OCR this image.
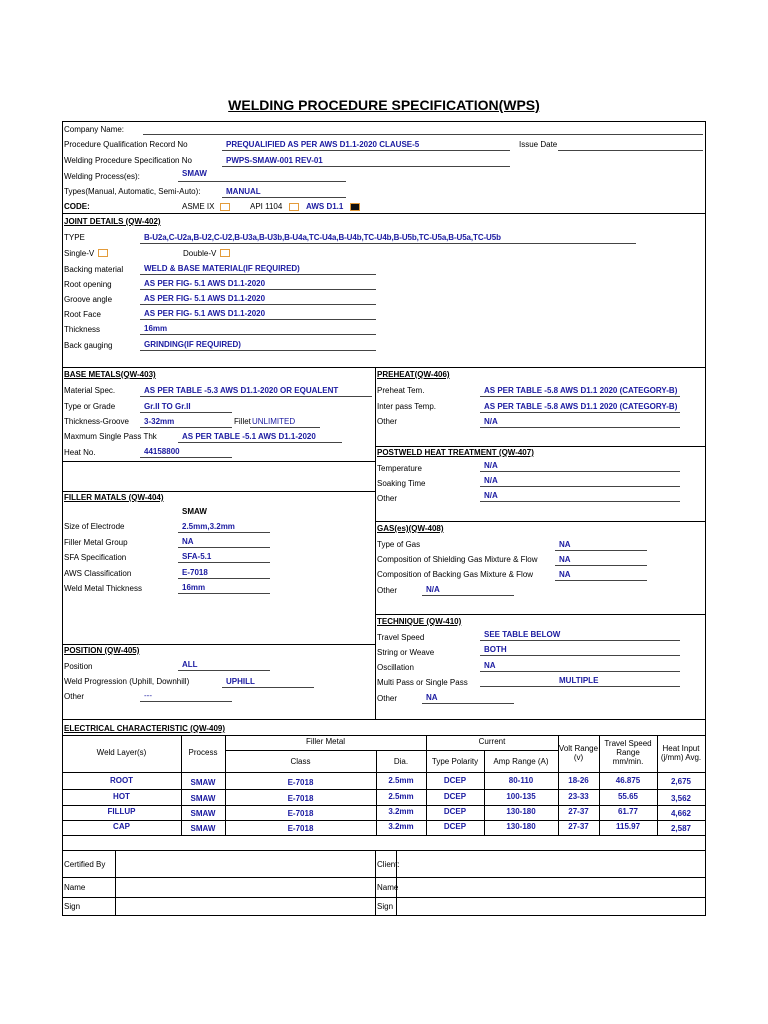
WELDING PROCEDURE SPECIFICATION(WPS)
Company Name:
Procedure Qualification Record No	PREQUALIFIED AS PER AWS D1.1-2020 CLAUSE-5	Issue Date
Welding Procedure Specification No	PWPS-SMAW-001 REV-01
Welding Process(es):	SMAW
Types(Manual, Automatic, Semi-Auto):	MANUAL
CODE:	ASME IX	API 1104	AWS D1.1
JOINT DETAILS (QW-402)
TYPE	B-U2a,C-U2a,B-U2,C-U2,B-U3a,B-U3b,B-U4a,TC-U4a,B-U4b,TC-U4b,B-U5b,TC-U5a,B-U5a,TC-U5b
Single-V	Double-V
Backing material	WELD & BASE MATERIAL(IF REQUIRED)
Root opening	AS PER FIG- 5.1 AWS D1.1-2020
Groove angle	AS PER FIG- 5.1 AWS D1.1-2020
Root Face	AS PER FIG- 5.1 AWS D1.1-2020
Thickness	16mm
Back gauging	GRINDING(IF REQUIRED)
BASE METALS(QW-403)
Material Spec.	AS PER TABLE -5.3 AWS D1.1-2020 OR EQUALENT
Type or Grade	Gr.II TO Gr.II
Thickness-Groove 3-32mm	Fillet UNLIMITED
Maxmum Single Pass Thk	AS PER TABLE -5.1 AWS D1.1-2020
Heat No.	44158800
PREHEAT(QW-406)
Preheat Tem.	AS PER TABLE -5.8 AWS D1.1 2020 (CATEGORY-B)
Inter pass Temp.	AS PER TABLE -5.8 AWS D1.1 2020 (CATEGORY-B)
Other	N/A
POSTWELD HEAT TREATMENT (QW-407)
Temperature	N/A
Soaking Time	N/A
Other	N/A
FILLER MATALS (QW-404)
SMAW
Size of Electrode	2.5mm,3.2mm
Filler Metal Group	NA
SFA Specification	SFA-5.1
AWS Classification	E-7018
Weld Metal Thickness	16mm
GAS(es)(QW-408)
Type of Gas	NA
Composition of Shielding Gas Mixture & Flow	NA
Composition of Backing Gas Mixture & Flow	NA
Other	N/A
TECHNIQUE (QW-410)
Travel Speed	SEE TABLE BELOW
String or Weave	BOTH
Oscillation	NA
Multi Pass or Single Pass	MULTIPLE
Other	NA
POSITION (QW-405)
Position	ALL
Weld Progression (Uphill, Downhill)	UPHILL
Other	---
ELECTRICAL CHARACTERISTIC (QW-409)
Weld Layer(s)	Process
Filler Metal
Class	Dia.
Current
Type Polarity	Amp Range (A)
Volt Range
(v)
Travel Speed
Range
mm/min.
Heat Input
(j/mm) Avg.
ROOT	SMAW	E-7018	2.5mm	DCEP	80-110	18-26	46.875	2,675
HOT	SMAW	E-7018	2.5mm	DCEP	100-135	23-33	55.65	3,562
FILLUP	SMAW	E-7018	3.2mm	DCEP	130-180	27-37	61.77	4,662
CAP	SMAW	E-7018	3.2mm	DCEP	130-180	27-37	115.97	2,587
Certified By	Client:
Name	Name
Sign	Sign
